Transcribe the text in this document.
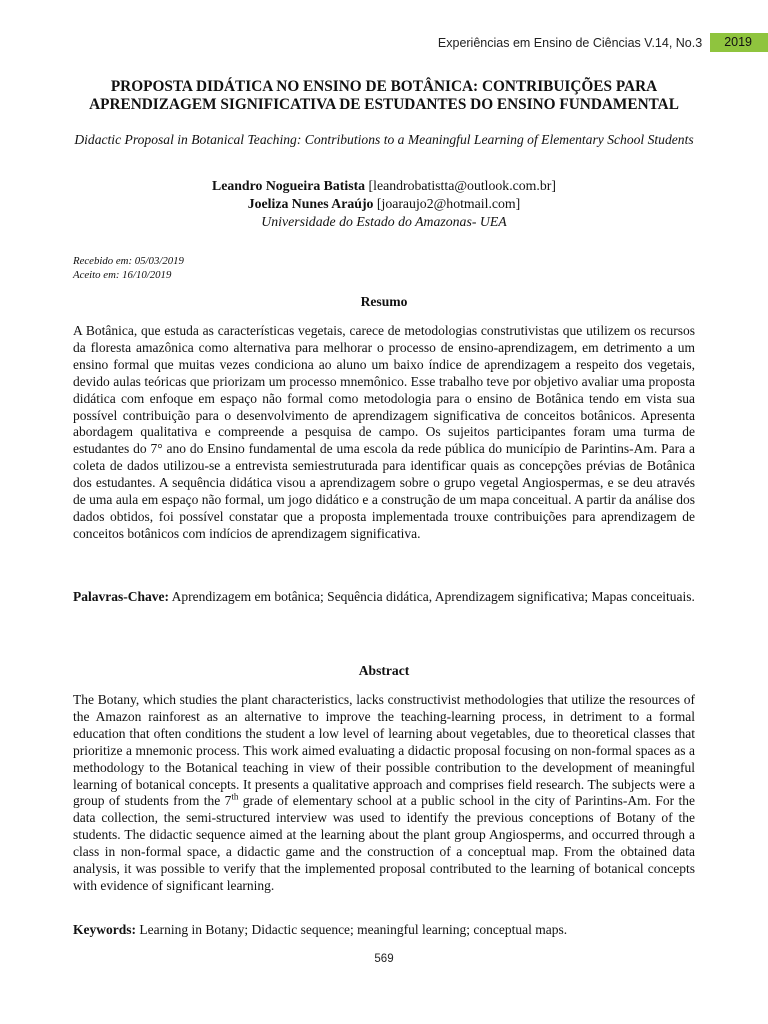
Experiências em Ensino de Ciências V.14, No.3	2019
PROPOSTA DIDÁTICA NO ENSINO DE BOTÂNICA: CONTRIBUIÇÕES PARA APRENDIZAGEM SIGNIFICATIVA DE ESTUDANTES DO ENSINO FUNDAMENTAL
Didactic Proposal in Botanical Teaching: Contributions to a Meaningful Learning of Elementary School Students
Leandro Nogueira Batista [leandrobatistta@outlook.com.br]
Joeliza Nunes Araújo [joaraujo2@hotmail.com]
Universidade do Estado do Amazonas- UEA
Recebido em: 05/03/2019
Aceito em: 16/10/2019
Resumo
A Botânica, que estuda as características vegetais, carece de metodologias construtivistas que utilizem os recursos da floresta amazônica como alternativa para melhorar o processo de ensino-aprendizagem, em detrimento a um ensino formal que muitas vezes condiciona ao aluno um baixo índice de aprendizagem a respeito dos vegetais, devido aulas teóricas que priorizam um processo mnemônico. Esse trabalho teve por objetivo avaliar uma proposta didática com enfoque em espaço não formal como metodologia para o ensino de Botânica tendo em vista sua possível contribuição para o desenvolvimento de aprendizagem significativa de conceitos botânicos. Apresenta abordagem qualitativa e compreende a pesquisa de campo. Os sujeitos participantes foram uma turma de estudantes do 7° ano do Ensino fundamental de uma escola da rede pública do município de Parintins-Am. Para a coleta de dados utilizou-se a entrevista semiestruturada para identificar quais as concepções prévias de Botânica dos estudantes. A sequência didática visou a aprendizagem sobre o grupo vegetal Angiospermas, e se deu através de uma aula em espaço não formal, um jogo didático e a construção de um mapa conceitual. A partir da análise dos dados obtidos, foi possível constatar que a proposta implementada trouxe contribuições para aprendizagem de conceitos botânicos com indícios de aprendizagem significativa.
Palavras-Chave: Aprendizagem em botânica; Sequência didática, Aprendizagem significativa; Mapas conceituais.
Abstract
The Botany, which studies the plant characteristics, lacks constructivist methodologies that utilize the resources of the Amazon rainforest as an alternative to improve the teaching-learning process, in detriment to a formal education that often conditions the student a low level of learning about vegetables, due to theoretical classes that prioritize a mnemonic process. This work aimed evaluating a didactic proposal focusing on non-formal spaces as a methodology to the Botanical teaching in view of their possible contribution to the development of meaningful learning of botanical concepts. It presents a qualitative approach and comprises field research. The subjects were a group of students from the 7th grade of elementary school at a public school in the city of Parintins-Am. For the data collection, the semi-structured interview was used to identify the previous conceptions of Botany of the students. The didactic sequence aimed at the learning about the plant group Angiosperms, and occurred through a class in non-formal space, a didactic game and the construction of a conceptual map. From the obtained data analysis, it was possible to verify that the implemented proposal contributed to the learning of botanical concepts with evidence of significant learning.
Keywords: Learning in Botany; Didactic sequence; meaningful learning; conceptual maps.
569
